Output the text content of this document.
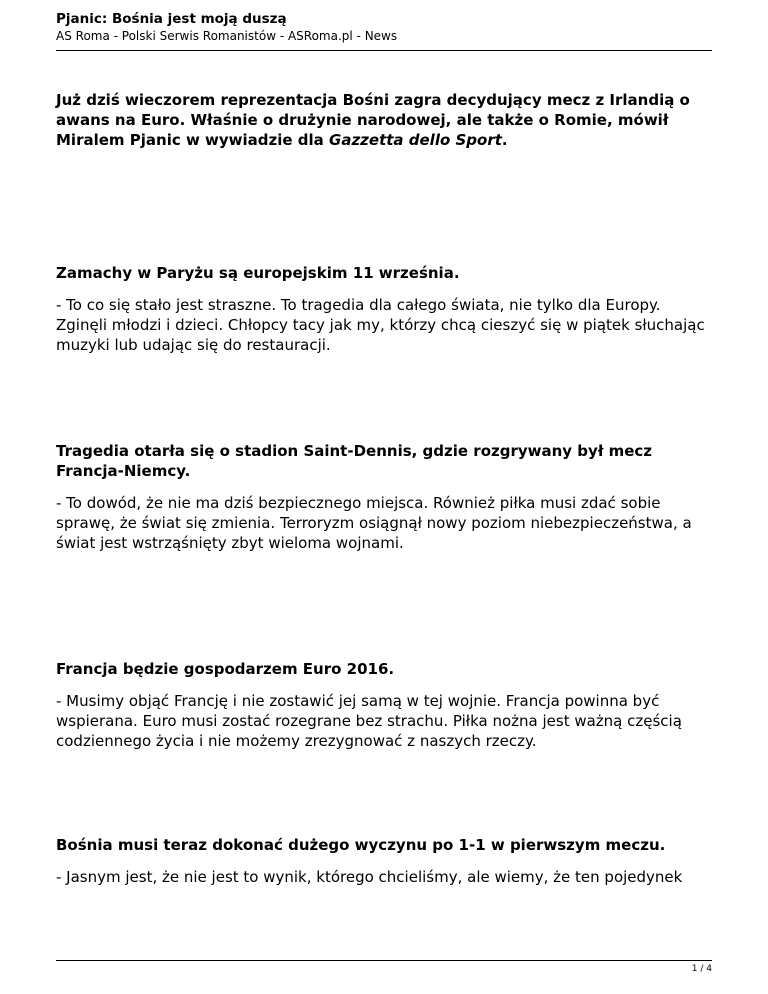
Pjanic: Bośnia jest moją duszą
AS Roma - Polski Serwis Romanistów - ASRoma.pl - News

Już dziś wieczorem reprezentacja Bośni zagra decydujący mecz z Irlandią o awans na Euro. Właśnie o drużynie narodowej, ale także o Romie, mówił Miralem Pjanic w wywiadzie dla Gazzetta dello Sport.

Zamachy w Paryżu są europejskim 11 września.

- To co się stało jest straszne. To tragedia dla całego świata, nie tylko dla Europy. Zginęli młodzi i dzieci. Chłopcy tacy jak my, którzy chcą cieszyć się w piątek słuchając muzyki lub udając się do restauracji.

Tragedia otarła się o stadion Saint-Dennis, gdzie rozgrywany był mecz Francja-Niemcy.

- To dowód, że nie ma dziś bezpiecznego miejsca. Również piłka musi zdać sobie sprawę, że świat się zmienia. Terroryzm osiągnął nowy poziom niebezpieczeństwa, a świat jest wstrząśnięty zbyt wieloma wojnami.

Francja będzie gospodarzem Euro 2016.

- Musimy objąć Francję i nie zostawić jej samą w tej wojnie. Francja powinna być wspierana. Euro musi zostać rozegrane bez strachu. Piłka nożna jest ważną częścią codziennego życia i nie możemy zrezygnować z naszych rzeczy.

Bośnia musi teraz dokonać dużego wyczynu po 1-1 w pierwszym meczu.

- Jasnym jest, że nie jest to wynik, którego chcieliśmy, ale wiemy, że ten pojedynek

1 / 4
